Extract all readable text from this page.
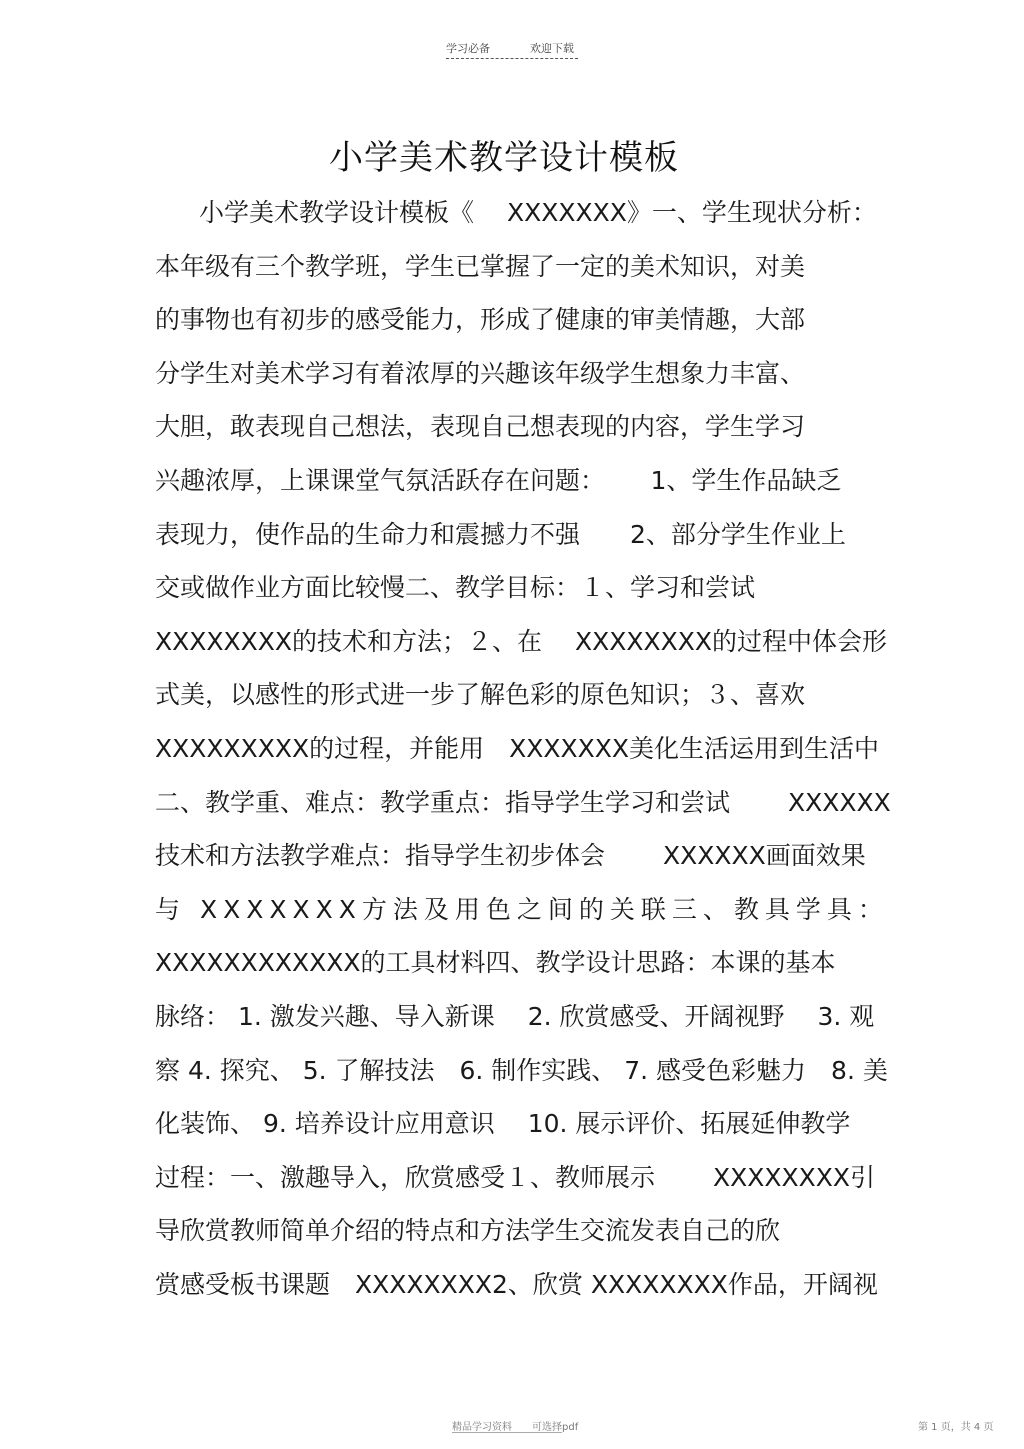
学习必备	欢迎下载
小学美术教学设计模板
小学美术教学设计模板《　 XXXXXXX》一、学生现状分析：
本年级有三个教学班，学生已掌握了一定的美术知识，对美
的事物也有初步的感受能力，形成了健康的审美情趣，大部
分学生对美术学习有着浓厚的兴趣该年级学生想象力丰富、
大胆，敢表现自己想法，表现自己想表现的内容，学生学习
兴趣浓厚，上课课堂气氛活跃存在问题：　　 1、学生作品缺乏
表现力，使作品的生命力和震撼力不强　　2、部分学生作业上
交或做作业方面比较慢二、教学目标：１、学习和尝试
XXXXXXXX的技术和方法；２、在　 XXXXXXXX的过程中体会形
式美，以感性的形式进一步了解色彩的原色知识；３、喜欢
XXXXXXXXX的过程，并能用　XXXXXXX美化生活运用到生活中
二、教学重、难点：教学重点：指导学生学习和尝试　　 XXXXXX
技术和方法教学难点：指导学生初步体会　　 XXXXXX画面效果
与 XXXXXXX方法及用色之间的关联三、教具学具：
XXXXXXXXXXXX的工具材料四、教学设计思路：本课的基本
脉络： 1. 激发兴趣、导入新课　 2. 欣赏感受、开阔视野　 3. 观
察 4. 探究、 5. 了解技法　6. 制作实践、 7. 感受色彩魅力　8. 美
化装饰、 9. 培养设计应用意识　 10. 展示评价、拓展延伸教学
过程：一、激趣导入，欣赏感受１、教师展示　　 XXXXXXXX引
导欣赏教师简单介绍的特点和方法学生交流发表自己的欣
赏感受板书课题　XXXXXXXX2、欣赏 XXXXXXXX作品，开阔视
精品学习资料　　可选择pdf	第 1 页，共 4 页
